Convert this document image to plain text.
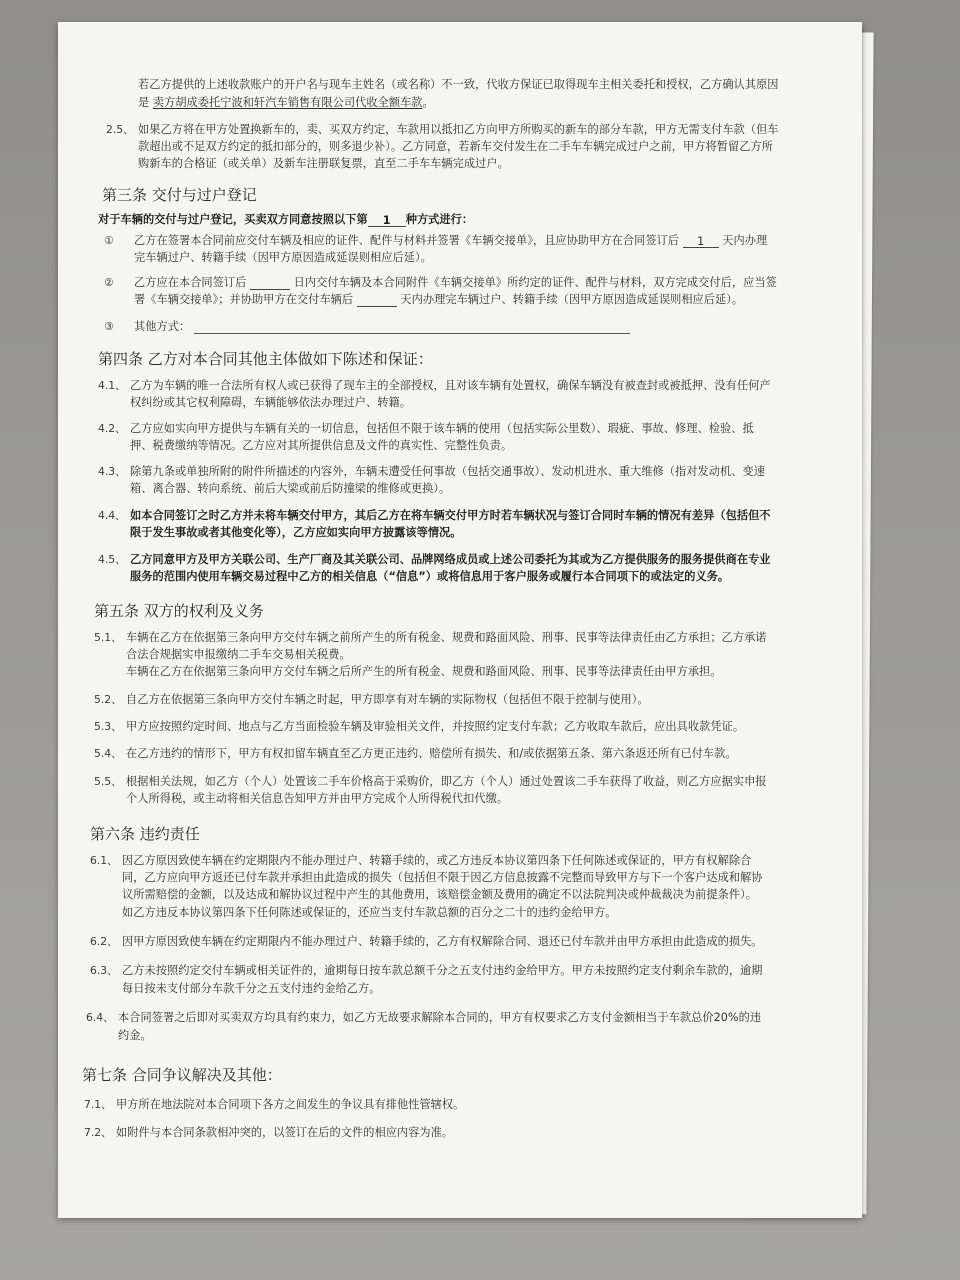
若乙方提供的上述收款账户的开户名与现车主姓名（或名称）不一致，代收方保证已取得现车主相关委托和授权，乙方确认其原因
是 卖方胡成委托宁波和轩汽车销售有限公司代收全额车款。
2.5、 如果乙方将在甲方处置换新车的，卖、买双方约定，车款用以抵扣乙方向甲方所购买的新车的部分车款，甲方无需支付车款（但车
款超出或不足双方约定的抵扣部分的，则多退少补）。乙方同意，若新车交付发生在二手车车辆完成过户之前，甲方将暂留乙方所
购新车的合格证（或关单）及新车注册联复票，直至二手车车辆完成过户。
第三条 交付与过户登记
对于车辆的交付与过户登记，买卖双方同意按照以下第 1 种方式进行：
① 乙方在签署本合同前应交付车辆及相应的证件、配件与材料并签署《车辆交接单》，且应协助甲方在合同签订后 1 天内办理
完车辆过户、转籍手续（因甲方原因造成延误则相应后延）。
② 乙方应在本合同签订后	日内交付车辆及本合同附件《车辆交接单》所约定的证件、配件与材料，双方完成交付后，应当签
署《车辆交接单》；并协助甲方在交付车辆后	天内办理完车辆过户、转籍手续（因甲方原因造成延误则相应后延）。
③ 其他方式：
第四条 乙方对本合同其他主体做如下陈述和保证：
4.1、 乙方为车辆的唯一合法所有权人或已获得了现车主的全部授权，且对该车辆有处置权，确保车辆没有被查封或被抵押、没有任何产
权纠纷或其它权利障碍，车辆能够依法办理过户、转籍。
4.2、 乙方应如实向甲方提供与车辆有关的一切信息，包括但不限于该车辆的使用（包括实际公里数）、瑕疵、事故、修理、检验、抵
押、税费缴纳等情况。乙方应对其所提供信息及文件的真实性、完整性负责。
4.3、 除第九条或单独所附的附件所描述的内容外，车辆未遭受任何事故（包括交通事故）、发动机进水、重大维修（指对发动机、变速
箱、离合器、转向系统、前后大梁或前后防撞梁的维修或更换）。
4.4、 如本合同签订之时乙方并未将车辆交付甲方，其后乙方在将车辆交付甲方时若车辆状况与签订合同时车辆的情况有差异（包括但不
限于发生事故或者其他变化等），乙方应如实向甲方披露该等情况。
4.5、 乙方同意甲方及甲方关联公司、生产厂商及其关联公司、品牌网络成员或上述公司委托为其或为乙方提供服务的服务提供商在专业
服务的范围内使用车辆交易过程中乙方的相关信息（“信息”）或将信息用于客户服务或履行本合同项下的或法定的义务。
第五条 双方的权利及义务
5.1、 车辆在乙方在依据第三条向甲方交付车辆之前所产生的所有税金、规费和路面风险、刑事、民事等法律责任由乙方承担；乙方承诺
合法合规据实申报缴纳二手车交易相关税费。
车辆在乙方在依据第三条向甲方交付车辆之后所产生的所有税金、规费和路面风险、刑事、民事等法律责任由甲方承担。
5.2、 自乙方在依据第三条向甲方交付车辆之时起，甲方即享有对车辆的实际物权（包括但不限于控制与使用）。
5.3、 甲方应按照约定时间、地点与乙方当面检验车辆及审验相关文件，并按照约定支付车款；乙方收取车款后，应出具收款凭证。
5.4、 在乙方违约的情形下，甲方有权扣留车辆直至乙方更正违约、赔偿所有损失、和/或依据第五条、第六条返还所有已付车款。
5.5、 根据相关法规，如乙方（个人）处置该二手车价格高于采购价，即乙方（个人）通过处置该二手车获得了收益，则乙方应据实申报
个人所得税，或主动将相关信息告知甲方并由甲方完成个人所得税代扣代缴。
第六条 违约责任
6.1、 因乙方原因致使车辆在约定期限内不能办理过户、转籍手续的，或乙方违反本协议第四条下任何陈述或保证的，甲方有权解除合
同，乙方应向甲方返还已付车款并承担由此造成的损失（包括但不限于因乙方信息披露不完整而导致甲方与下一个客户达成和解协
议所需赔偿的金额，以及达成和解协议过程中产生的其他费用，该赔偿金额及费用的确定不以法院判决或仲裁裁决为前提条件）。
如乙方违反本协议第四条下任何陈述或保证的，还应当支付车款总额的百分之二十的违约金给甲方。
6.2、 因甲方原因致使车辆在约定期限内不能办理过户、转籍手续的，乙方有权解除合同、退还已付车款并由甲方承担由此造成的损失。
6.3、 乙方未按照约定交付车辆或相关证件的，逾期每日按车款总额千分之五支付违约金给甲方。甲方未按照约定支付剩余车款的，逾期
每日按未支付部分车款千分之五支付违约金给乙方。
6.4、 本合同签署之后即对买卖双方均具有约束力，如乙方无故要求解除本合同的，甲方有权要求乙方支付金额相当于车款总价20%的违
约金。
第七条 合同争议解决及其他：
7.1、 甲方所在地法院对本合同项下各方之间发生的争议具有排他性管辖权。
7.2、 如附件与本合同条款相冲突的，以签订在后的文件的相应内容为准。
